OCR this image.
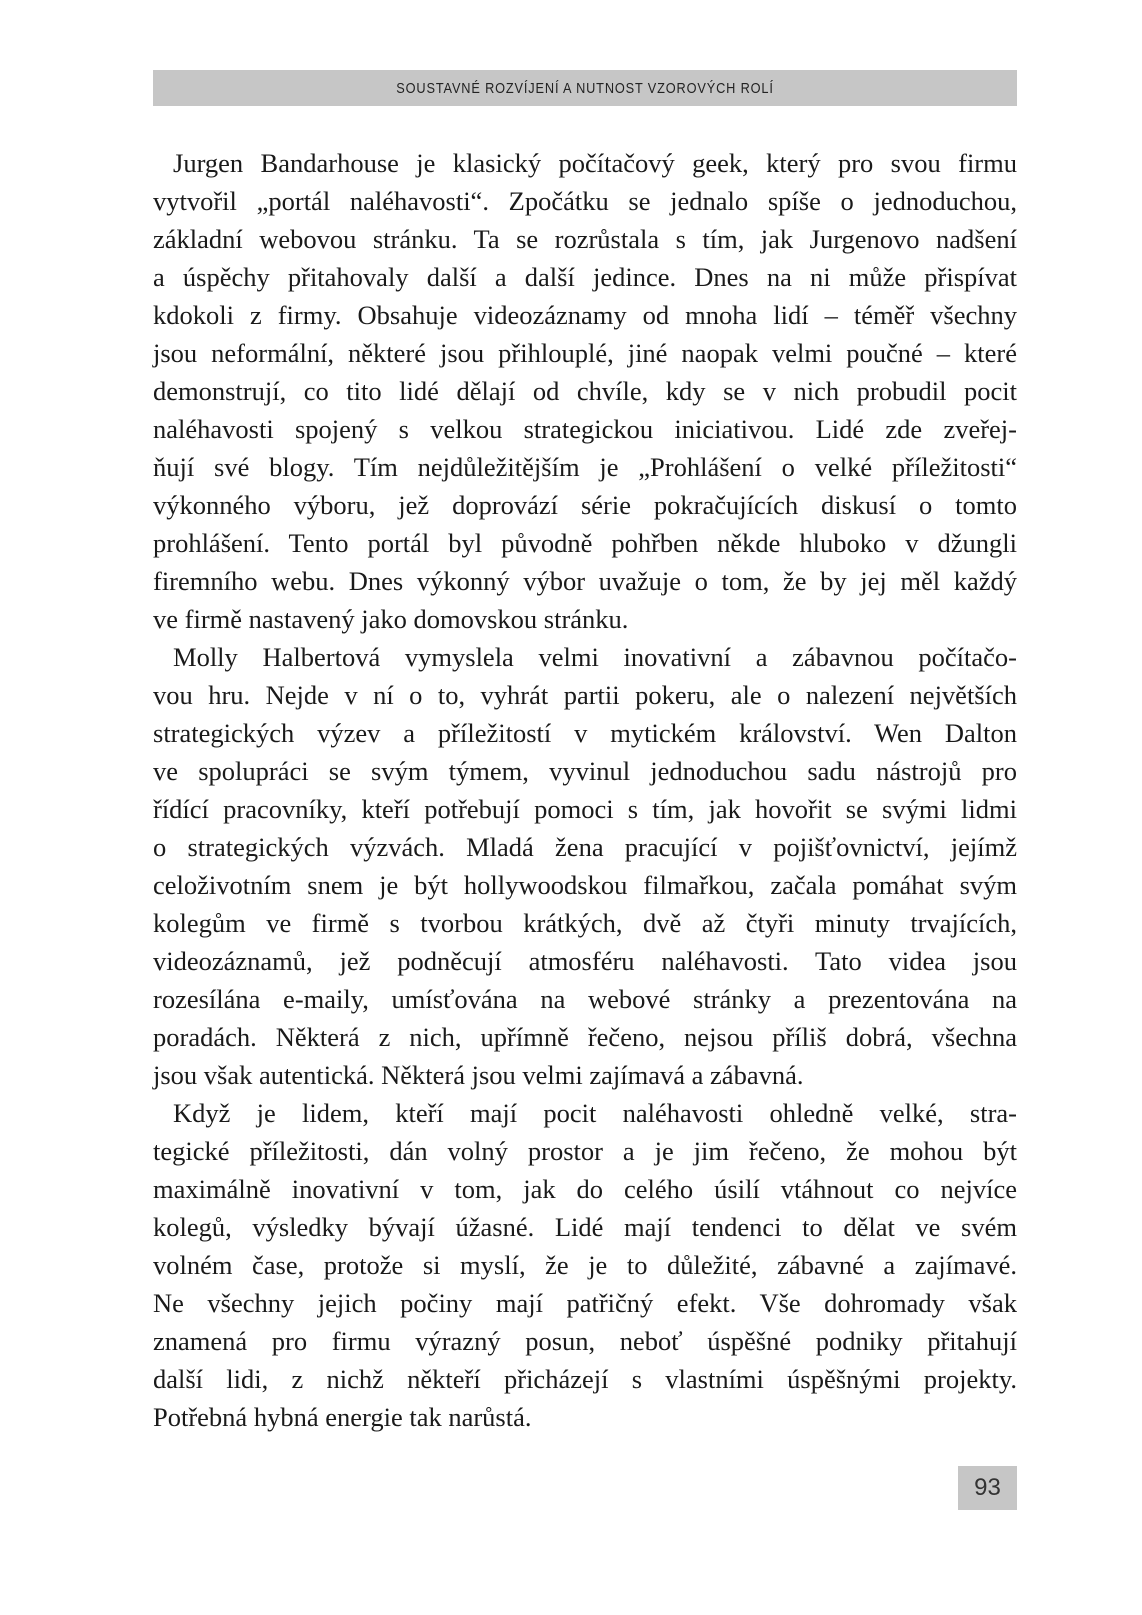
SOUSTAVNÉ ROZVÍJENÍ A NUTNOST VZOROVÝCH ROLÍ
Jurgen Bandarhouse je klasický počítačový geek, který pro svou firmu
vytvořil „portál naléhavosti“. Zpočátku se jednalo spíše o jednoduchou,
základní webovou stránku. Ta se rozrůstala s tím, jak Jurgenovo nadšení
a úspěchy přitahovaly další a další jedince. Dnes na ni může přispívat
kdokoli z firmy. Obsahuje videozáznamy od mnoha lidí – téměř všechny
jsou neformální, některé jsou přihlouplé, jiné naopak velmi poučné – které
demonstrují, co tito lidé dělají od chvíle, kdy se v nich probudil pocit
naléhavosti spojený s velkou strategickou iniciativou. Lidé zde zveřej-
ňují své blogy. Tím nejdůležitějším je „Prohlášení o velké příležitosti“
výkonného výboru, jež doprovází série pokračujících diskusí o tomto
prohlášení. Tento portál byl původně pohřben někde hluboko v džungli
firemního webu. Dnes výkonný výbor uvažuje o tom, že by jej měl každý
ve firmě nastavený jako domovskou stránku.
Molly Halbertová vymyslela velmi inovativní a zábavnou počítačo-
vou hru. Nejde v ní o to, vyhrát partii pokeru, ale o nalezení největších
strategických výzev a příležitostí v mytickém království. Wen Dalton
ve spolupráci se svým týmem, vyvinul jednoduchou sadu nástrojů pro
řídící pracovníky, kteří potřebují pomoci s tím, jak hovořit se svými lidmi
o strategických výzvách. Mladá žena pracující v pojišťovnictví, jejímž
celoživotním snem je být hollywoodskou filmařkou, začala pomáhat svým
kolegům ve firmě s tvorbou krátkých, dvě až čtyři minuty trvajících,
videozáznamů, jež podněcují atmosféru naléhavosti. Tato videa jsou
rozesílána e-maily, umísťována na webové stránky a prezentována na
poradách. Některá z nich, upřímně řečeno, nejsou příliš dobrá, všechna
jsou však autentická. Některá jsou velmi zajímavá a zábavná.
Když je lidem, kteří mají pocit naléhavosti ohledně velké, stra-
tegické příležitosti, dán volný prostor a je jim řečeno, že mohou být
maximálně inovativní v tom, jak do celého úsilí vtáhnout co nejvíce
kolegů, výsledky bývají úžasné. Lidé mají tendenci to dělat ve svém
volném čase, protože si myslí, že je to důležité, zábavné a zajímavé.
Ne všechny jejich počiny mají patřičný efekt. Vše dohromady však
znamená pro firmu výrazný posun, neboť úspěšné podniky přitahují
další lidi, z nichž někteří přicházejí s vlastními úspěšnými projekty.
Potřebná hybná energie tak narůstá.
93
